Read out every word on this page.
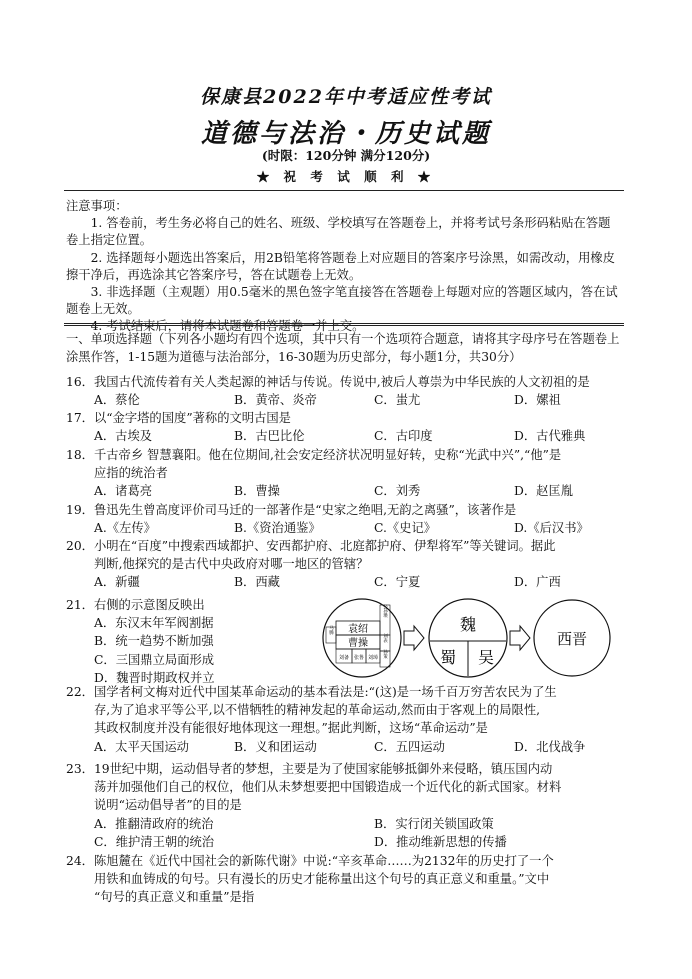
保康县2022年中考适应性考试
道德与法治・历史试题
(时限：120分钟 满分120分)
★ 祝 考 试 顺 利 ★

注意事项：

1. 答卷前，考生务必将自己的姓名、班级、学校填写在答题卷上，并将考试号条形码粘贴在答题卷上指定位置。

2. 选择题每小题选出答案后，用2B铅笔将答题卷上对应题目的答案序号涂黑，如需改动，用橡皮擦干净后，再选涂其它答案序号，答在试题卷上无效。

3. 非选择题（主观题）用0.5毫米的黑色签字笔直接答在答题卷上每题对应的答题区域内，答在试题卷上无效。

4. 考试结束后，请将本试题卷和答题卷一并上交。

一、单项选择题（下列各小题均有四个选项，其中只有一个选项符合题意，请将其字母序号在答题卷上涂黑作答，1-15题为道德与法治部分，16-30题为历史部分，每小题1分，共30分）
16．我国古代流传着有关人类起源的神话与传说。传说中,被后人尊崇为中华民族的人文初祖的是
A．蔡伦	B．黄帝、炎帝	C．蚩尤	D．嫘祖
17．以“金字塔的国度”著称的文明古国是
A．古埃及	B．古巴比伦	C．古印度	D．古代雅典
18．千古帝乡 智慧襄阳。他在位期间,社会安定经济状况明显好转，史称“光武中兴”,“他”是
应指的统治者
A．诸葛亮	B．曹操	C．刘秀	D．赵匡胤
19．鲁迅先生曾高度评价司马迁的一部著作是“史家之绝唱,无韵之离骚”，该著作是
A.《左传》	B.《资治通鉴》	C.《史记》	D.《后汉书》
20．小明在“百度”中搜索西域都护、安西都护府、北庭都护府、伊犁将军”等关键词。据此
判断,他探究的是古代中央政府对哪一地区的管辖？
A．新疆	B．西藏	C．宁夏	D．广西
21．右侧的示意图反映出
A．东汉末年军阀割据
B．统一趋势不断加强
C．三国鼎立局面形成
D．魏晋时期政权并立
22．国学者柯文梅对近代中国某革命运动的基本看法是:“(这)是一场千百万穷苦农民为了生
存,为了追求平等公平,以不惜牺牲的精神发起的革命运动,然而由于客观上的局限性,
其政权制度并没有能很好地体现这一理想。”据此判断，这场“革命运动”是
A．太平天国运动	B．义和团运动	C．五四运动	D．北伐战争
23．19世纪中期，运动倡导者的梦想，主要是为了使国家能够抵御外来侵略，镇压国内动
荡并加强他们自己的权位，他们从未梦想要把中国锻造成一个近代化的新式国家。材料
说明“运动倡导者”的目的是
A．推翻清政府的统治	B．实行闭关锁国政策
C．维护清王朝的统治	D．推动维新思想的传播
24．陈旭麓在《近代中国社会的新陈代谢》中说:“辛亥革命……为2132年的历史打了一个
用铁和血铸成的句号。只有漫长的历史才能称量出这个句号的真正意义和重量。”文中
“句号的真正意义和重量”是指
袁绍
曹操
公孙瓒
刘表
孙策
马腾
刘备 张鲁 刘璋
魏
蜀 吴
西晋
